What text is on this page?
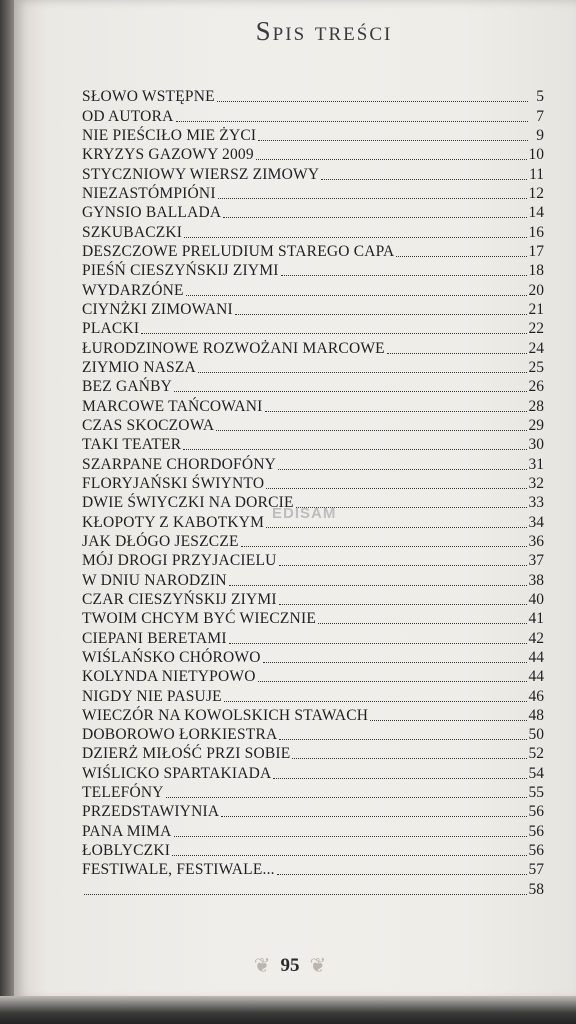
Spis treści
SŁOWO WSTĘPNE	5
OD AUTORA	7
NIE PIEŚCIŁO MIE ŻYCI	9
KRYZYS GAZOWY 2009	10
STYCZNIOWY WIERSZ ZIMOWY	11
NIEZASTÓMPIÓNI	12
GYNSIO BALLADA	14
SZKUBACZKI	16
DESZCZOWE PRELUDIUM STAREGO CAPA	17
PIEŚŃ CIESZYŃSKIJ ZIYMI	18
WYDARZÓNE	20
CIYNŻKI ZIMOWANI	21
PLACKI	22
ŁURODZINOWE ROZWOŻANI MARCOWE	24
ZIYMIO NASZA	25
BEZ GAŃBY	26
MARCOWE TAŃCOWANI	28
CZAS SKOCZOWA	29
TAKI TEATER	30
SZARPANE CHORDOFÓNY	31
FLORYJAŃSKI ŚWIYNTO	32
DWIE ŚWIYCZKI NA DORCIE	33
KŁOPOTY Z KABOTKYM	34
JAK DŁÓGO JESZCZE	36
MÓJ DROGI PRZYJACIELU	37
W DNIU NARODZIN	38
CZAR CIESZYŃSKIJ ZIYMI	40
TWOIM CHCYM BYĆ WIECZNIE	41
CIEPANI BERETAMI	42
WIŚLAŃSKO CHÓROWO	44
KOLYNDA NIETYPOWO	44
NIGDY NIE PASUJE	46
WIECZÓR NA KOWOLSKICH STAWACH	48
DOBOROWO ŁORKIESTRA	50
DZIERŻ MIŁOŚĆ PRZI SOBIE	52
WIŚLICKO SPARTAKIADA	54
TELEFÓNY	55
PRZEDSTAWIYNIA	56
PANA MIMA	56
ŁOBLYCZKI	56
FESTIWALE, FESTIWALE...	57
58
EDISAM
❦ 95 ❦
